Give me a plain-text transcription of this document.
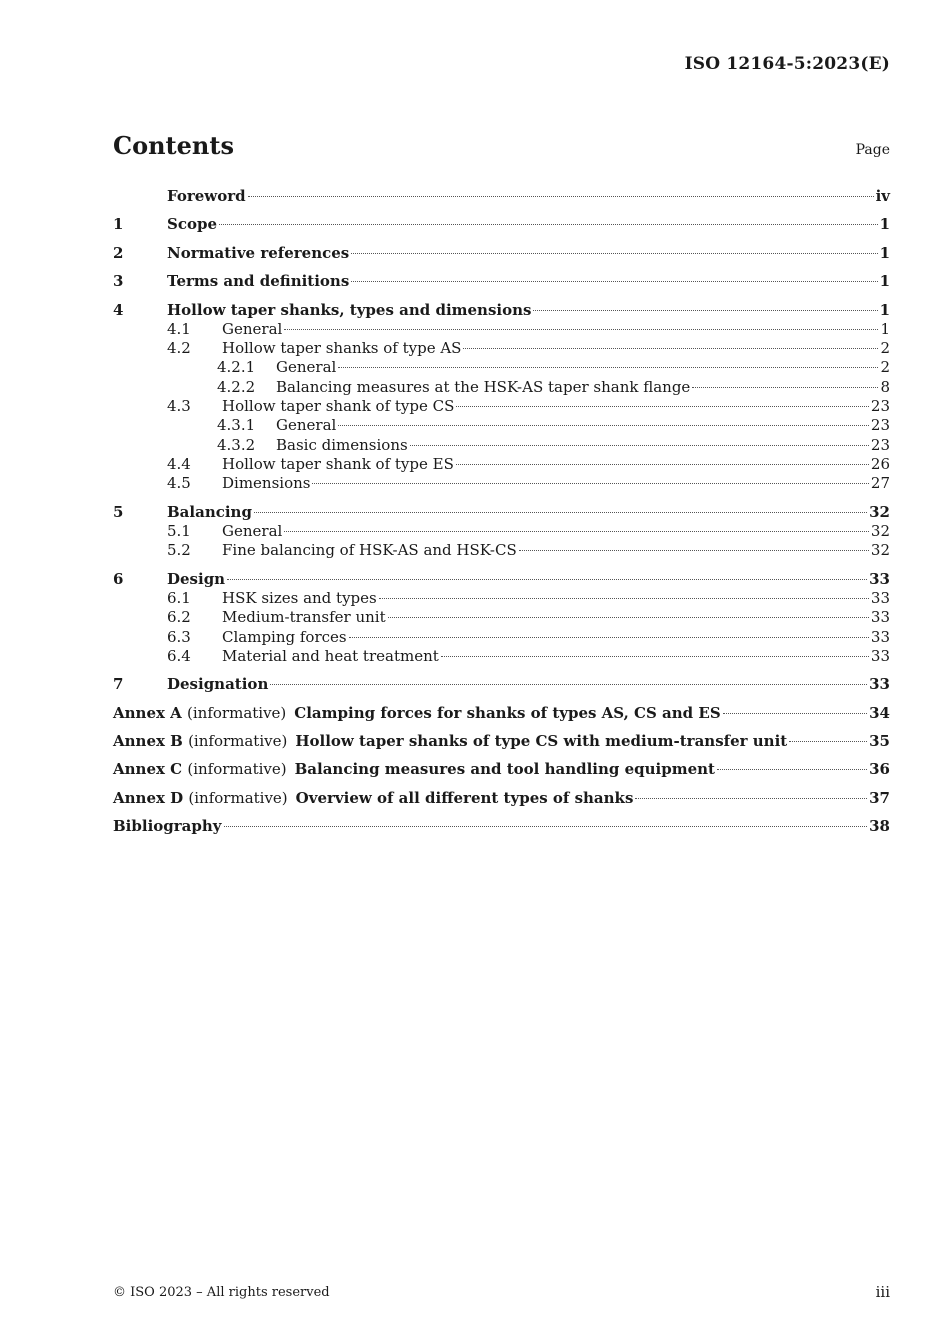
ISO 12164-5:2023(E)
Contents	Page
Foreword	iv
1	Scope	1
2	Normative references	1
3	Terms and definitions	1
4	Hollow taper shanks, types and dimensions	1
4.1	General	1
4.2	Hollow taper shanks of type AS	2
4.2.1	General	2
4.2.2	Balancing measures at the HSK-AS taper shank flange	8
4.3	Hollow taper shank of type CS	23
4.3.1	General	23
4.3.2	Basic dimensions	23
4.4	Hollow taper shank of type ES	26
4.5	Dimensions	27
5	Balancing	32
5.1	General	32
5.2	Fine balancing of HSK-AS and HSK-CS	32
6	Design	33
6.1	HSK sizes and types	33
6.2	Medium-transfer unit	33
6.3	Clamping forces	33
6.4	Material and heat treatment	33
7	Designation	33
Annex A (informative) Clamping forces for shanks of types AS, CS and ES	34
Annex B (informative) Hollow taper shanks of type CS with medium-transfer unit	35
Annex C (informative) Balancing measures and tool handling equipment	36
Annex D (informative) Overview of all different types of shanks	37
Bibliography	38
© ISO 2023 – All rights reserved	iii
